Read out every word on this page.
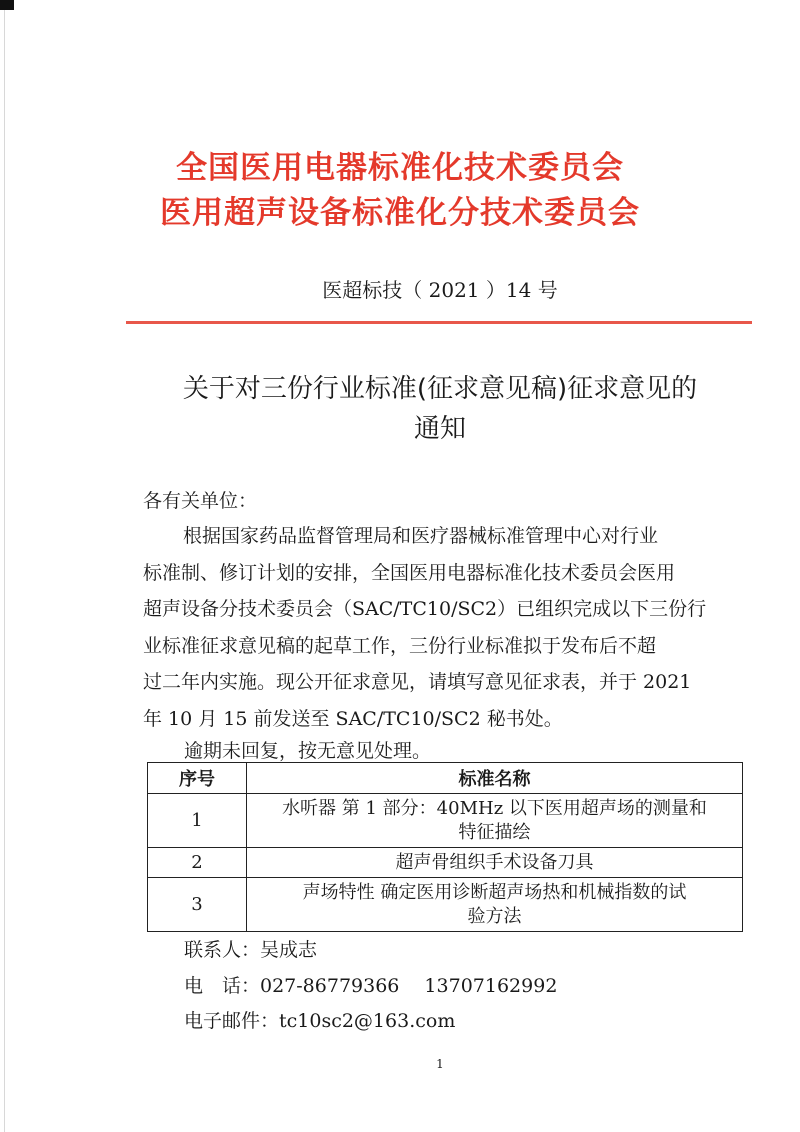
全国医用电器标准化技术委员会
医用超声设备标准化分技术委员会
医超标技（ 2021 ）14 号
关于对三份行业标准(征求意见稿)征求意见的
通知
各有关单位：
根据国家药品监督管理局和医疗器械标准管理中心对行业
标准制、修订计划的安排，全国医用电器标准化技术委员会医用
超声设备分技术委员会（SAC/TC10/SC2）已组织完成以下三份行
业标准征求意见稿的起草工作，三份行业标准拟于发布后不超
过二年内实施。现公开征求意见，请填写意见征求表，并于 2021
年 10 月 15 前发送至 SAC/TC10/SC2 秘书处。
逾期未回复，按无意见处理。
序号	标准名称
1	水听器 第 1 部分：40MHz 以下医用超声场的测量和
特征描绘

2	超声骨组织手术设备刀具

3	声场特性 确定医用诊断超声场热和机械指数的试
验方法
联系人：吴成志
电　话：027-86779366　 13707162992
电子邮件：tc10sc2@163.com
1
